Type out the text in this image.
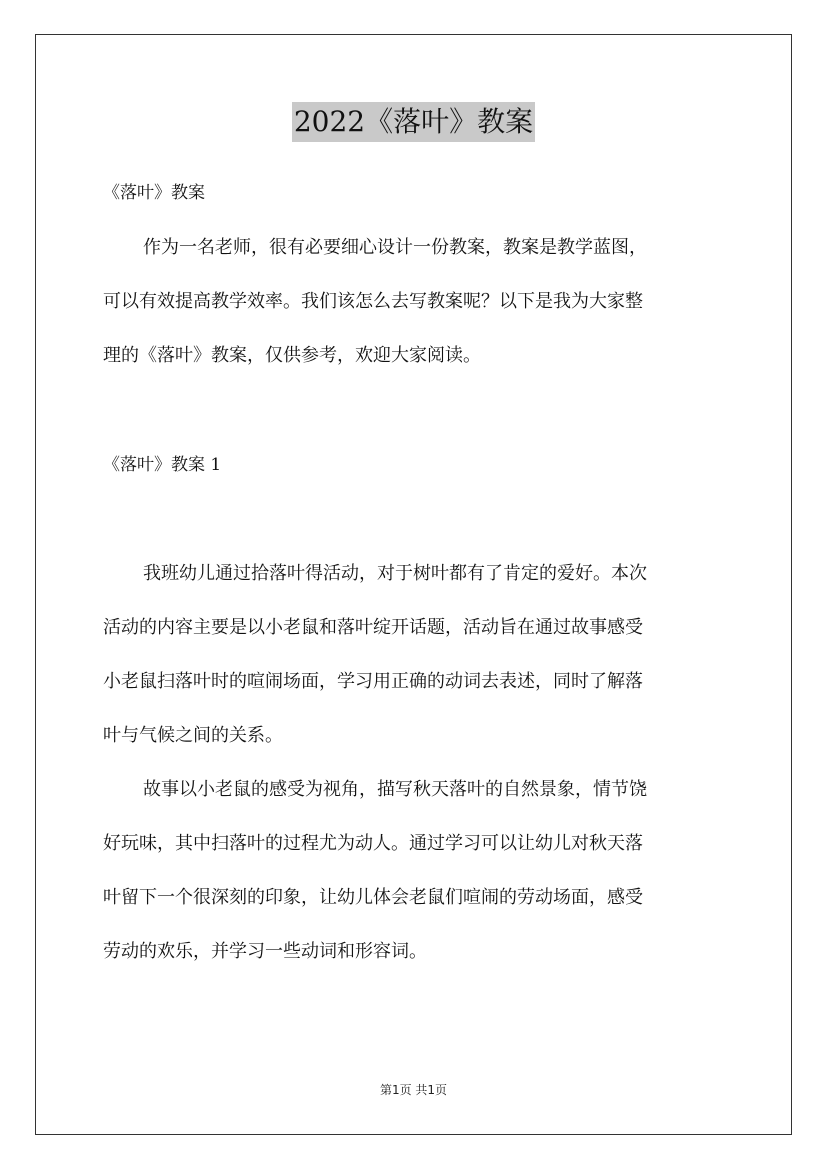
2022《落叶》教案
《落叶》教案
作为一名老师，很有必要细心设计一份教案，教案是教学蓝图，
可以有效提高教学效率。我们该怎么去写教案呢？以下是我为大家整
理的《落叶》教案，仅供参考，欢迎大家阅读。
《落叶》教案 1
我班幼儿通过拾落叶得活动，对于树叶都有了肯定的爱好。本次
活动的内容主要是以小老鼠和落叶绽开话题，活动旨在通过故事感受
小老鼠扫落叶时的喧闹场面，学习用正确的动词去表述，同时了解落
叶与气候之间的关系。
故事以小老鼠的感受为视角，描写秋天落叶的自然景象，情节饶
好玩味，其中扫落叶的过程尤为动人。通过学习可以让幼儿对秋天落
叶留下一个很深刻的印象，让幼儿体会老鼠们喧闹的劳动场面，感受
劳动的欢乐，并学习一些动词和形容词。
第1页 共1页
